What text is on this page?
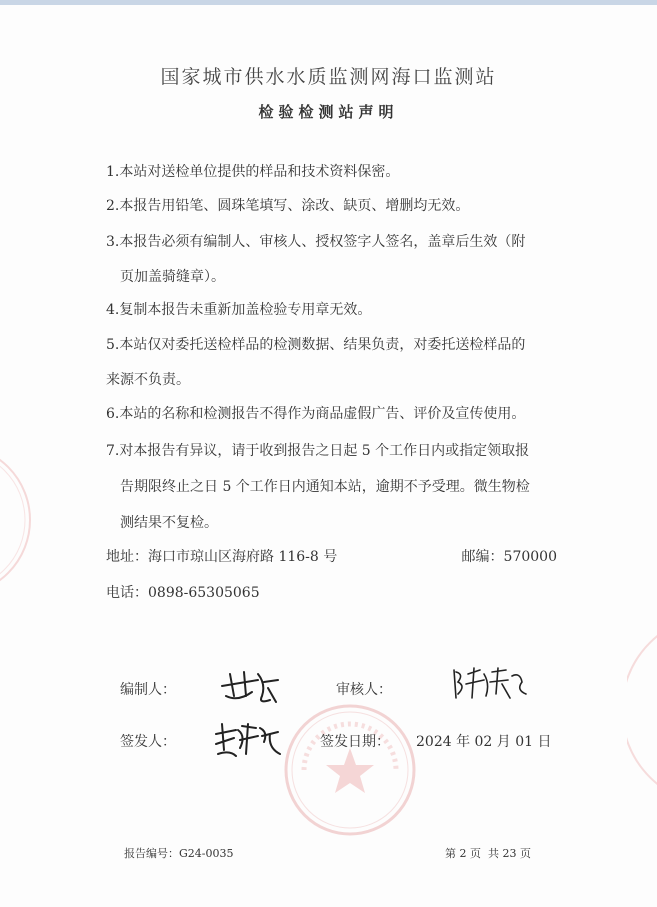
国家城市供水水质监测网海口监测站
检验检测站声明
1.本站对送检单位提供的样品和技术资料保密。
2.本报告用铅笔、圆珠笔填写、涂改、缺页、增删均无效。
3.本报告必须有编制人、审核人、授权签字人签名，盖章后生效（附
页加盖骑缝章）。
4.复制本报告未重新加盖检验专用章无效。
5.本站仅对委托送检样品的检测数据、结果负责，对委托送检样品的
来源不负责。
6.本站的名称和检测报告不得作为商品虚假广告、评价及宣传使用。
7.对本报告有异议，请于收到报告之日起 5 个工作日内或指定领取报
告期限终止之日 5 个工作日内通知本站，逾期不予受理。微生物检
测结果不复检。
地址：海口市琼山区海府路 116-8 号	邮编：570000
电话：0898-65305065
编制人：	审核人：
签发人：	签发日期： 2024 年 02 月 01 日
报告编号：G24-0035	第 2 页  共 23 页
